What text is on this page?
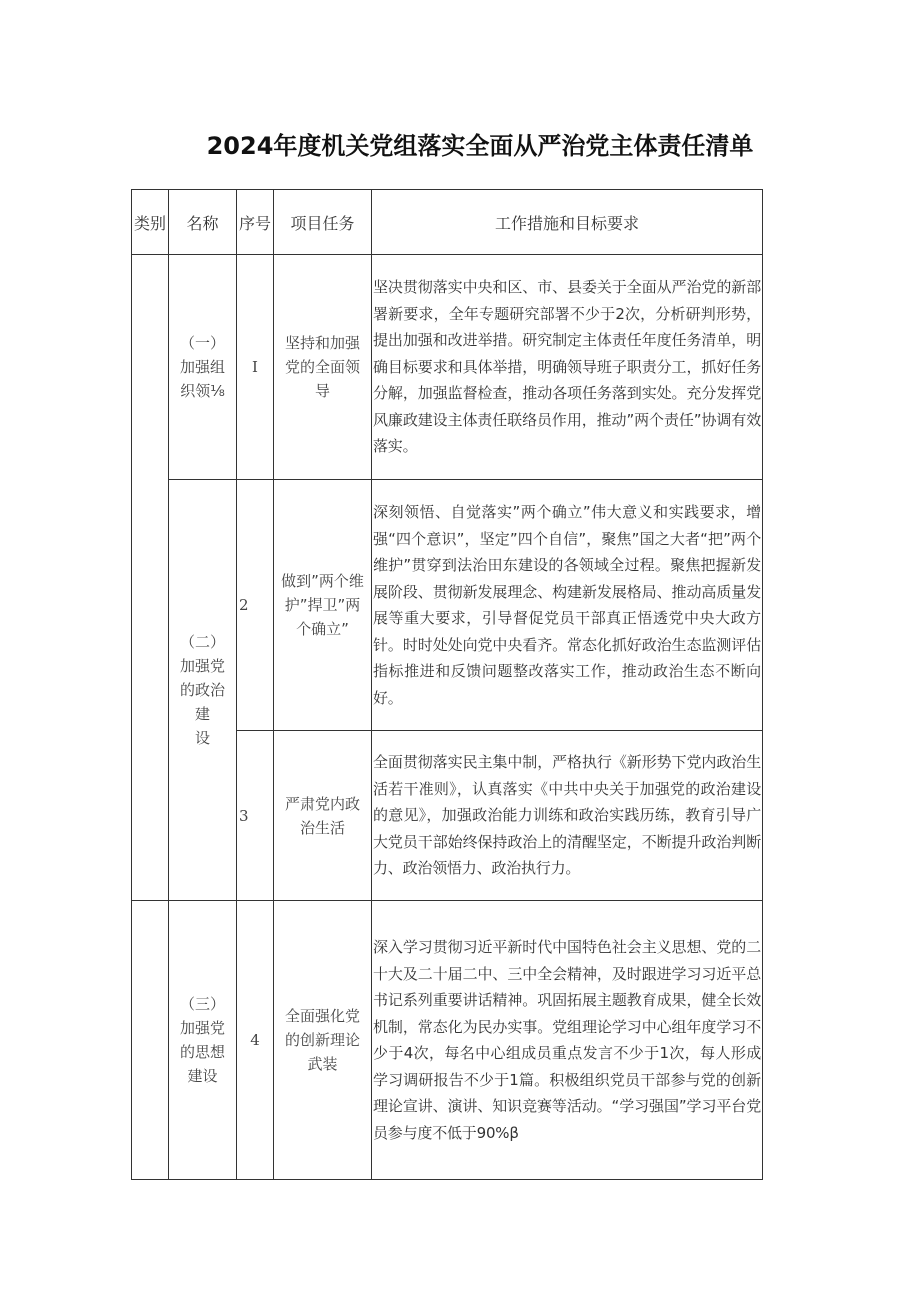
2024年度机关党组落实全面从严治党主体责任清单
类别	名称	序号	项目任务	工作措施和目标要求

	（一）
加强组
织领⅛	I	坚持和加强
党的全面领
导	坚决贯彻落实中央和区、市、县委关于全面从严治党的新部署新要求，全年专题研究部署不少于2次，分析研判形势，提出加强和改进举措。研究制定主体责任年度任务清单，明确目标要求和具体举措，明确领导班子职责分工，抓好任务分解，加强监督检查，推动各项任务落到实处。充分发挥党风廉政建设主体责任联络员作用，推动”两个责任”协调有效落实。

	（二）
加强党
的政治
建
设	2	做到”两个维
护”捍卫”两
个确立”	深刻领悟、自觉落实”两个确立”伟大意义和实践要求，增强“四个意识”，坚定”四个自信”，聚焦”国之大者“把”两个维护”贯穿到法治田东建设的各领域全过程。聚焦把握新发展阶段、贯彻新发展理念、构建新发展格局、推动高质量发展等重大要求，引导督促党员干部真正悟透党中央大政方针。时时处处向党中央看齐。常态化抓好政治生态监测评估指标推进和反馈问题整改落实工作，推动政治生态不断向好。
		3	严肃党内政
治生活	全面贯彻落实民主集中制，严格执行《新形势下党内政治生活若干准则》，认真落实《中共中央关于加强党的政治建设的意见》，加强政治能力训练和政治实践历练，教育引导广大党员干部始终保持政治上的清醒坚定，不断提升政治判断力、政治领悟力、政治执行力。

	（三）
加强党
的思想
建设	4	全面强化党
的创新理论
武装	深入学习贯彻习近平新时代中国特色社会主义思想、党的二十大及二十届二中、三中全会精神，及时跟进学习习近平总书记系列重要讲话精神。巩固拓展主题教育成果，健全长效机制，常态化为民办实事。党组理论学习中心组年度学习不少于4次，每名中心组成员重点发言不少于1次，每人形成学习调研报告不少于1篇。积极组织党员干部参与党的创新理论宣讲、演讲、知识竞赛等活动。“学习强国”学习平台党员参与度不低于90%β
